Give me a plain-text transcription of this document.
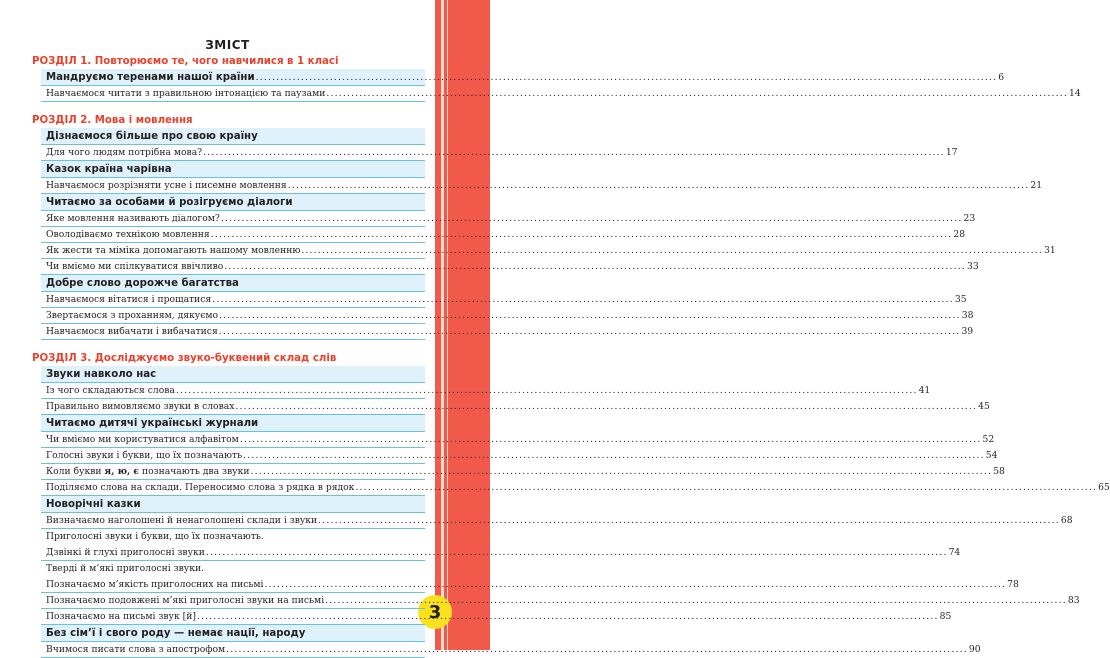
3
ЗМІСТ
РОЗДІЛ 1. Повторюємо те, чого навчилися в 1 класі
Мандруємо теренами нашої країни .....	6
Навчаємося читати з правильною інтонацією та паузами .....	14
РОЗДІЛ 2. Мова і мовлення
Дізнаємося більше про свою країну
Для чого людям потрібна мова? .....	17
Казок країна чарівна
Навчаємося розрізняти усне і писемне мовлення .....	21
Читаємо за особами й розігруємо діалоги
Яке мовлення називають діалогом? .....	23
Оволодіваємо технікою мовлення .....	28
Як жести та міміка допомагають нашому мовленню .....	31
Чи вміємо ми спілкуватися ввічливо .....	33
Добре слово дорожче багатства
Навчаємося вітатися і прощатися .....	35
Звертаємося з проханням, дякуємо .....	38
Навчаємося вибачати і вибачатися .....	39
РОЗДІЛ 3. Досліджуємо звуко-буквений склад слів
Звуки навколо нас
Із чого складаються слова .....	41
Правильно вимовляємо звуки в словах .....	45
Читаємо дитячі українські журнали
Чи вміємо ми користуватися алфавітом .....	52
Голосні звуки і букви, що їх позначають .....	54
Коли букви я, ю, є позначають два звуки .....	58
Поділяємо слова на склади. Переносимо слова з рядка в рядок .....	65
Новорічні казки
Визначаємо наголошені й ненаголошені склади і звуки .....	68
Приголосні звуки і букви, що їх позначають.
Дзвінкі й глухі приголосні звуки .....	74
Тверді й м’які приголосні звуки.
Позначаємо м’якість приголосних на письмі .....	78
Позначаємо подовжені м’які приголосні звуки на письмі .....	83
Позначаємо на письмі звук [й] .....	85
Без сім’ї і свого роду — немає нації, народу
Вчимося писати слова з апострофом .....	90
